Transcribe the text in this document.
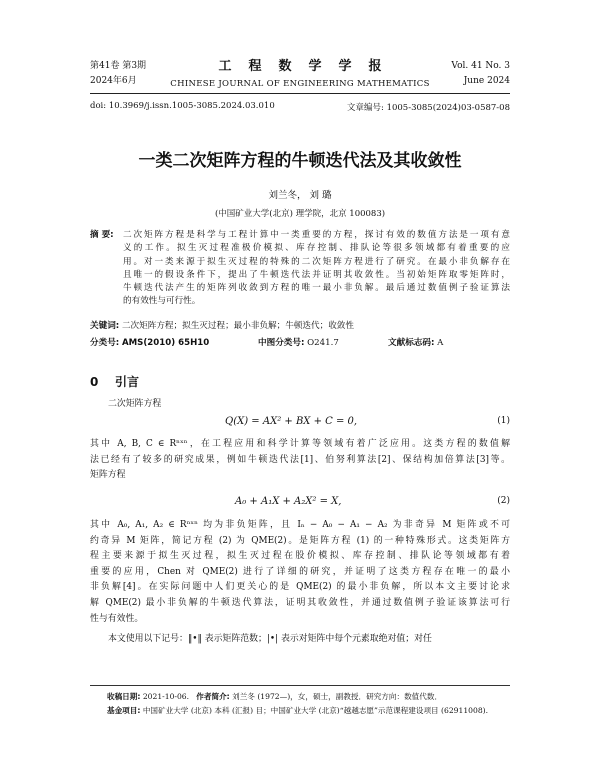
第41卷 第3期
2024年6月
工程数学学报
CHINESE JOURNAL OF ENGINEERING MATHEMATICS
Vol. 41 No. 3
June 2024
doi: 10.3969/j.issn.1005-3085.2024.03.010	文章编号: 1005-3085(2024)03-0587-08
一类二次矩阵方程的牛顿迭代法及其收敛性
刘兰冬， 刘 璐
(中国矿业大学(北京) 理学院，北京 100083)
摘 要:	二次矩阵方程是科学与工程计算中一类重要的方程，探讨有效的数值方法是一项有意
义的工作。拟生灭过程准极价模拟、库存控制、排队论等很多领域都有着重要的应
用。对一类来源于拟生灭过程的特殊的二次矩阵方程进行了研究。在最小非负解存在
且唯一的假设条件下，提出了牛顿迭代法并证明其收敛性。当初始矩阵取零矩阵时，
牛顿迭代法产生的矩阵列收敛到方程的唯一最小非负解。最后通过数值例子验证算法
的有效性与可行性。
关键词: 二次矩阵方程；拟生灭过程；最小非负解；牛顿迭代；收敛性
分类号: AMS(2010) 65H10	中图分类号: O241.7	文献标志码: A
0 引言
二次矩阵方程
Q(X) = AX² + BX + C = 0,	(1)
其中 A, B, C ∈ Rⁿˣⁿ，在工程应用和科学计算等领域有着广泛应用。这类方程的数值解
法已经有了较多的研究成果，例如牛顿迭代法[1]、伯努利算法[2]、保结构加倍算法[3]等。
矩阵方程
A₀ + A₁X + A₂X² = X,	(2)
其中 A₀, A₁, A₂ ∈ Rⁿˣⁿ 均为非负矩阵，且 Iₙ − A₀ − A₁ − A₂ 为非奇异 M 矩阵或不可
约奇异 M 矩阵，简记方程 (2) 为 QME(2)。是矩阵方程 (1) 的一种特殊形式。这类矩阵方
程主要来源于拟生灭过程，拟生灭过程在股价模拟、库存控制、排队论等领域都有着
重要的应用，Chen 对 QME(2) 进行了详细的研究，并证明了这类方程存在唯一的最小
非负解[4]。在实际问题中人们更关心的是 QME(2) 的最小非负解，所以本文主要讨论求
解 QME(2) 最小非负解的牛顿迭代算法，证明其收敛性，并通过数值例子验证该算法可行
性与有效性。
本文使用以下记号：‖•‖ 表示矩阵范数；|•| 表示对矩阵中每个元素取绝对值；对任
收稿日期: 2021-10-06. 作者简介: 刘兰冬 (1972—)，女，硕士，副教授．研究方向：数值代数．
基金项目: 中国矿业大学 (北京) 本科 (汇报) 目；中国矿业大学 (北京)“越越志愿”示范课程建设项目 (62911008).
